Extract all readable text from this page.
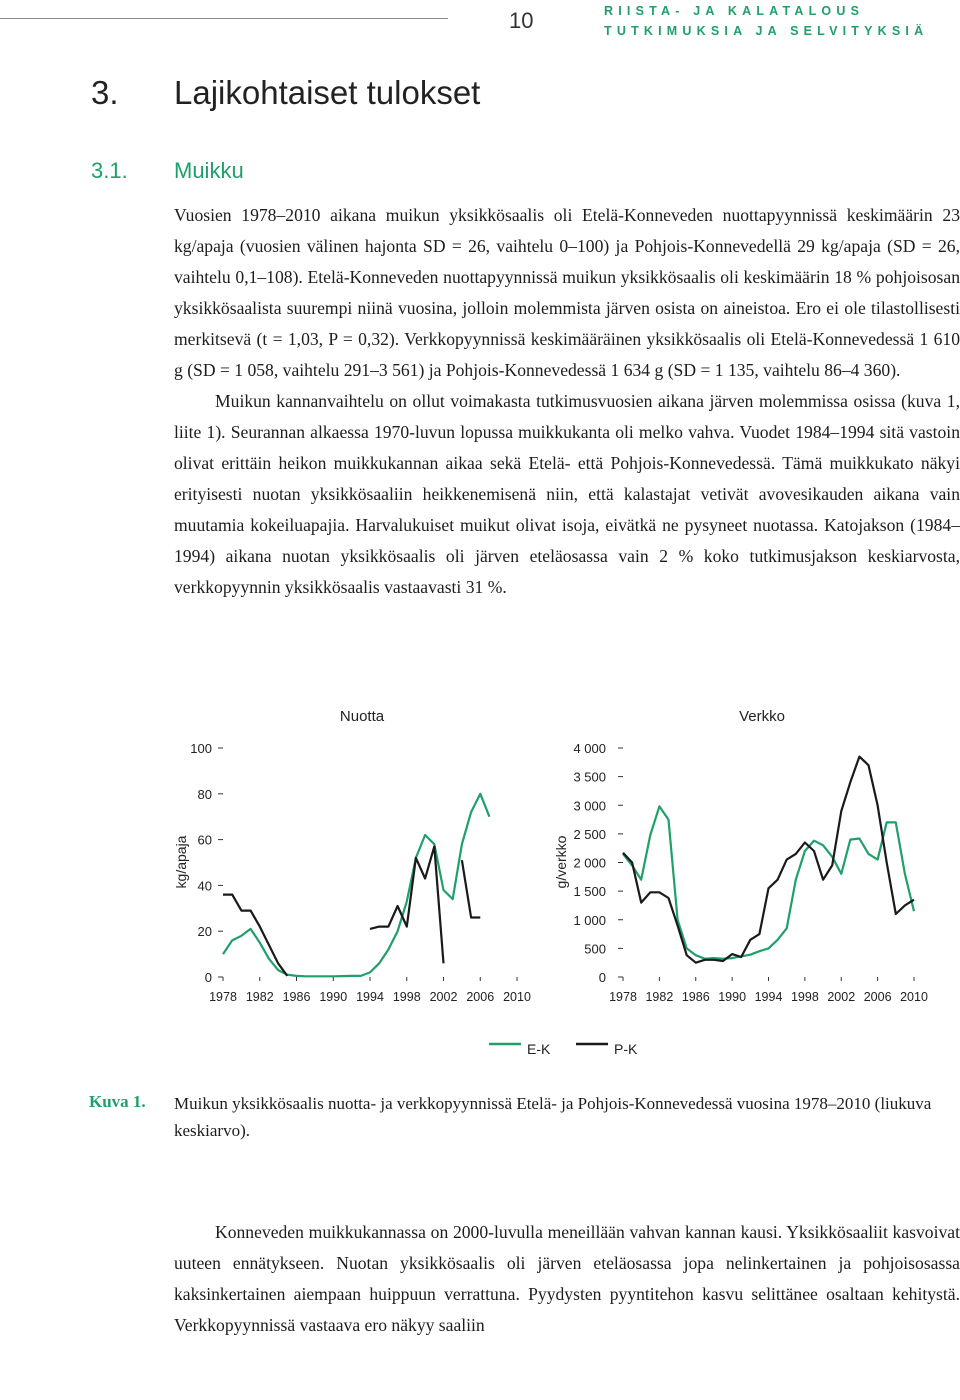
10	RIISTA- JA KALATALOUS
TUTKIMUKSIA JA SELVITYKSIÄ
3. Lajikohtaiset tulokset
3.1. Muikku

Vuosien 1978–2010 aikana muikun yksikkösaalis oli Etelä-Konneveden nuottapyynnissä keskimäärin 23 kg/apaja (vuosien välinen hajonta SD = 26, vaihtelu 0–100) ja Pohjois-Konnevedellä 29 kg/apaja (SD = 26, vaihtelu 0,1–108). Etelä-Konneveden nuottapyynnissä muikun yksikkösaalis oli keskimäärin 18 % pohjoisosan yksikkösaalista suurempi niinä vuosina, jolloin molemmista järven osista on aineistoa. Ero ei ole tilastollisesti merkitsevä (t = 1,03, P = 0,32). Verkkopyynnissä keskimääräinen yksikkösaalis oli Etelä-Konnevedessä 1 610 g (SD = 1 058, vaihtelu 291–3 561) ja Pohjois-Konnevedessä 1 634 g (SD = 1 135, vaihtelu 86–4 360).

Muikun kannanvaihtelu on ollut voimakasta tutkimusvuosien aikana järven molemmissa osissa (kuva 1, liite 1). Seurannan alkaessa 1970-luvun lopussa muikkukanta oli melko vahva. Vuodet 1984–1994 sitä vastoin olivat erittäin heikon muikkukannan aikaa sekä Etelä- että Pohjois-Konnevedessä. Tämä muikkukato näkyi erityisesti nuotan yksikkösaaliin heikkenemisenä niin, että kalastajat vetivät avovesikauden aikana vain muutamia kokeiluapajia. Harvalukuiset muikut olivat isoja, eivätkä ne pysyneet nuotassa. Katojakson (1984–1994) aikana nuotan yksikkösaalis oli järven eteläosassa vain 2 % koko tutkimusjakson keskiarvosta, verkkopyynnin yksikkösaalis vastaavasti 31 %.

Nuotta	Verkko
kg/apaja	g/verkko
0
20
40
60
80
100
1978 1982 1986 1990 1994 1998 2002 2006 2010
0
500
1 000
1 500
2 000
2 500
3 000
3 500
4 000
1978 1982 1986 1990 1994 1998 2002 2006 2010
E-K	P-K
Kuva 1. Muikun yksikkösaalis nuotta- ja verkkopyynnissä Etelä- ja Pohjois-Konnevedessä vuosina 1978–2010 (liukuva keskiarvo).

Konneveden muikkukannassa on 2000-luvulla meneillään vahvan kannan kausi. Yksikkösaaliit kasvoivat uuteen ennätykseen. Nuotan yksikkösaalis oli järven eteläosassa jopa nelinkertainen ja pohjoisosassa kaksinkertainen aiempaan huippuun verrattuna. Pyydysten pyyntitehon kasvu selittänee osaltaan kehitystä. Verkkopyynnissä vastaava ero näkyy saaliin
